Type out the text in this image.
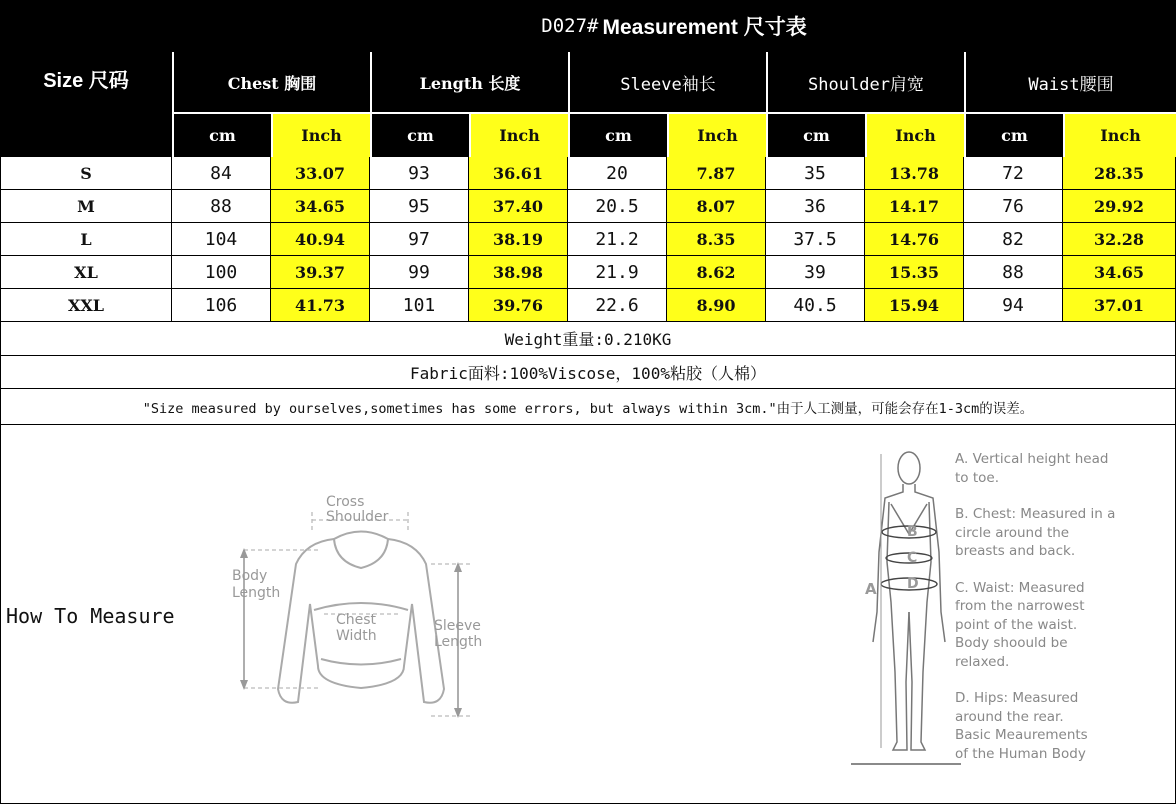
Size 尺码
D027# Measurement 尺寸表
Chest 胸围	Length 长度	Sleeve袖长	Shoulder肩宽	Waist腰围
cm	Inch	cm	Inch	cm	Inch	cm	Inch	cm	Inch
S	84	33.07	93	36.61	20	7.87	35	13.78	72	28.35
M	88	34.65	95	37.40	20.5	8.07	36	14.17	76	29.92
L	104	40.94	97	38.19	21.2	8.35	37.5	14.76	82	32.28
XL	100	39.37	99	38.98	21.9	8.62	39	15.35	88	34.65
XXL	106	41.73	101	39.76	22.6	8.90	40.5	15.94	94	37.01
Weight重量:0.210KG
Fabric面料:100%Viscose，100%粘胶（人棉）
"Size measured by ourselves,sometimes has some errors, but always within 3cm."由于人工测量，可能会存在1-3cm的误差。
How To Measure
Cross
Shoulder
Body
Length
Chest
Width
Sleeve
Length
A
B
C
D
A. Vertical height head
to toe.
B. Chest: Measured in a
circle around the
breasts and back.
C. Waist: Measured
from the narrowest
point of the waist.
Body shoould be
relaxed.
D. Hips: Measured
around the rear.
Basic Meaurements
of the Human Body
